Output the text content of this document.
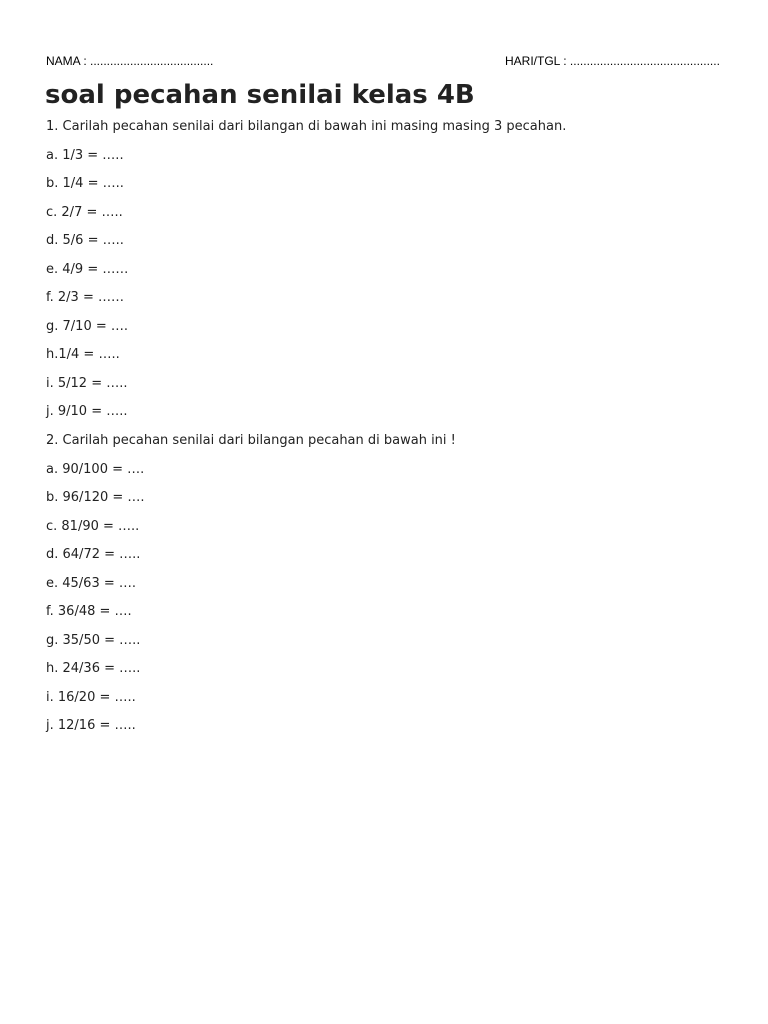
NAMA : .....................................	HARI/TGL : .............................................
soal pecahan senilai kelas 4B
1. Carilah pecahan senilai dari bilangan di bawah ini masing masing 3 pecahan.
a. 1/3 = …..
b. 1/4 = …..
c. 2/7 = …..
d. 5/6 = …..
e. 4/9 = ……
f. 2/3 = ……
g. 7/10 = ….
h.1/4 = …..
i. 5/12 = …..
j. 9/10 = …..
2. Carilah pecahan senilai dari bilangan pecahan di bawah ini !
a. 90/100 = ….
b. 96/120 = ….
c. 81/90 = …..
d. 64/72 = …..
e. 45/63 = ….
f. 36/48 = ….
g. 35/50 = …..
h. 24/36 = …..
i. 16/20 = …..
j. 12/16 = …..
